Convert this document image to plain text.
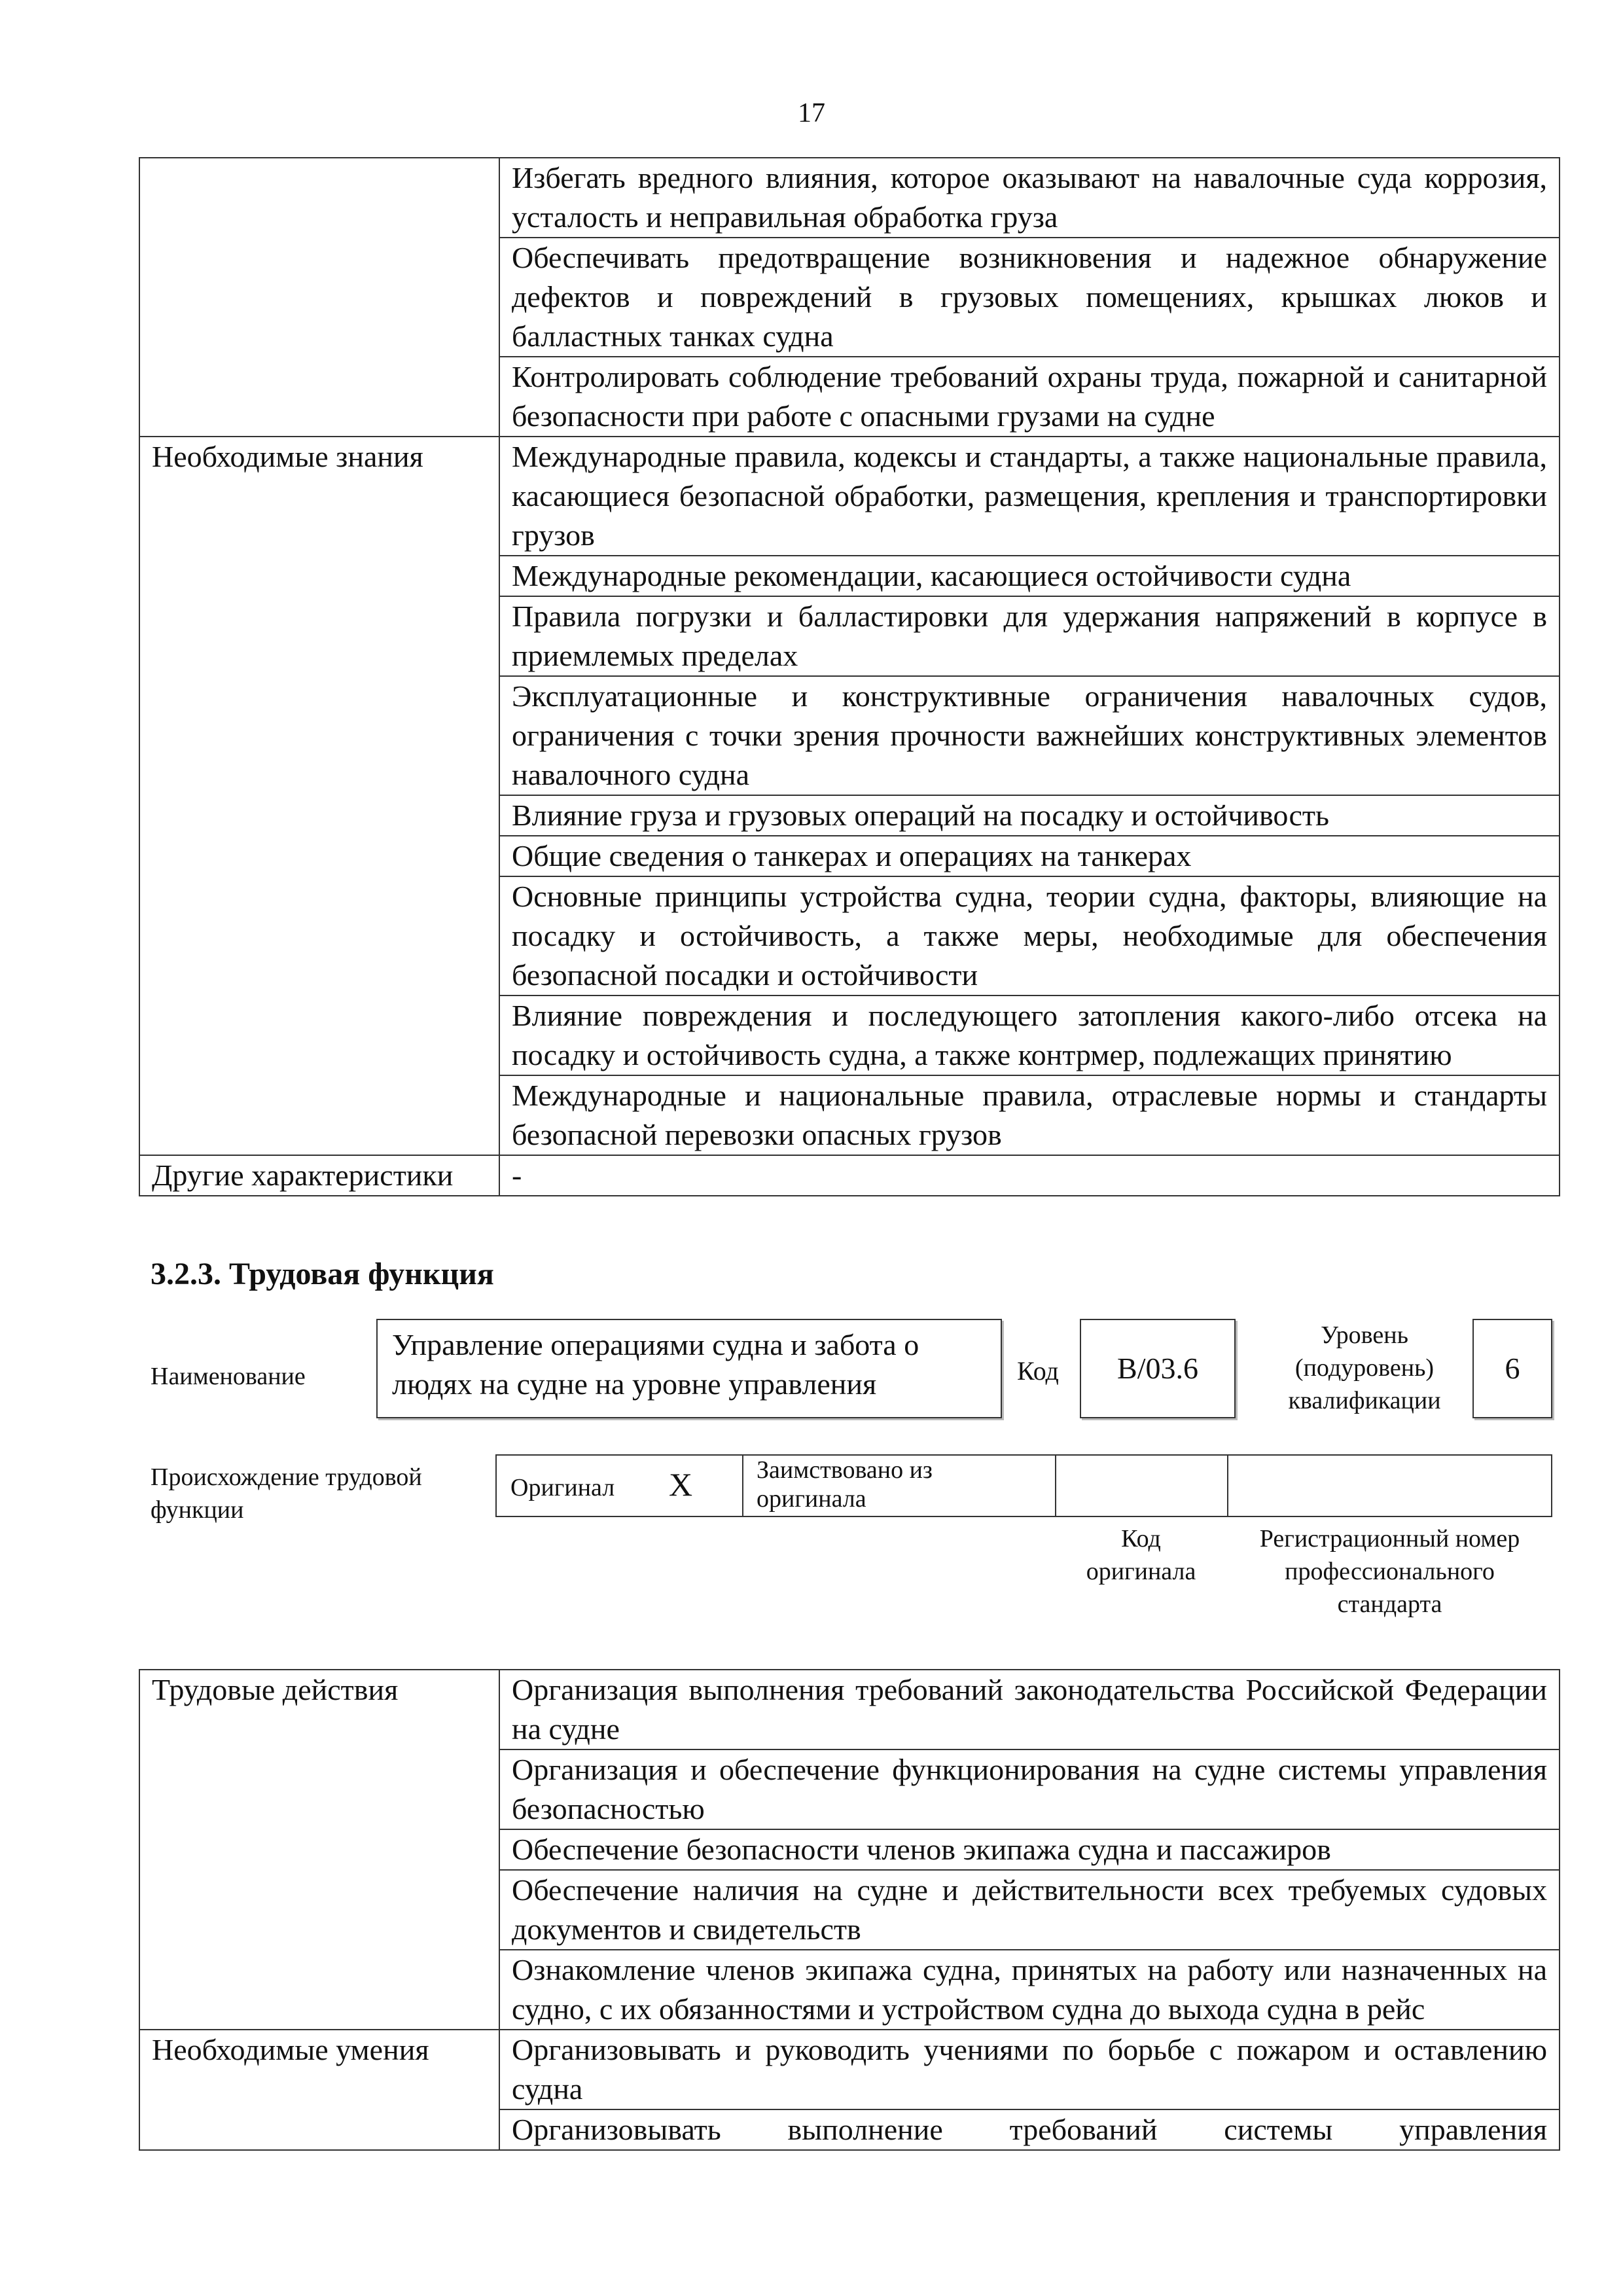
17
	Избегать вредного влияния, которое оказывают на навалочные суда коррозия, усталость и неправильная обработка груза
	Обеспечивать предотвращение возникновения и надежное обнаружение дефектов и повреждений в грузовых помещениях, крышках люков и балластных танках судна
	Контролировать соблюдение требований охраны труда, пожарной и санитарной безопасности при работе с опасными грузами на судне
Необходимые знания	Международные правила, кодексы и стандарты, а также национальные правила, касающиеся безопасной обработки, размещения, крепления и транспортировки грузов
	Международные рекомендации, касающиеся остойчивости судна
	Правила погрузки и балластировки для удержания напряжений в корпусе в приемлемых пределах
	Эксплуатационные и конструктивные ограничения навалочных судов, ограничения с точки зрения прочности важнейших конструктивных элементов навалочного судна
	Влияние груза и грузовых операций на посадку и остойчивость
	Общие сведения о танкерах и операциях на танкерах
	Основные принципы устройства судна, теории судна, факторы, влияющие на посадку и остойчивость, а также меры, необходимые для обеспечения безопасной посадки и остойчивости
	Влияние повреждения и последующего затопления какого-либо отсека на посадку и остойчивость судна, а также контрмер, подлежащих принятию
	Международные и национальные правила, отраслевые нормы и стандарты безопасной перевозки опасных грузов
Другие характеристики	-
3.2.3. Трудовая функция
Наименование
Управление операциями судна и забота о людях на судне на уровне управления	Код	B/03.6
Уровень
(подуровень)
квалификации
6
Происхождение трудовой
функции
Оригинал X	Заимствовано из
оригинала
Код
оригинала
Регистрационный номер
профессионального
стандарта
Трудовые действия	Организация выполнения требований законодательства Российской Федерации на судне
	Организация и обеспечение функционирования на судне системы управления безопасностью
	Обеспечение безопасности членов экипажа судна и пассажиров
	Обеспечение наличия на судне и действительности всех требуемых судовых документов и свидетельств
	Ознакомление членов экипажа судна, принятых на работу или назначенных на судно, с их обязанностями и устройством судна до выхода судна в рейс
Необходимые умения	Организовывать и руководить учениями по борьбе с пожаром и оставлению судна
	Организовывать выполнение требований системы управления
